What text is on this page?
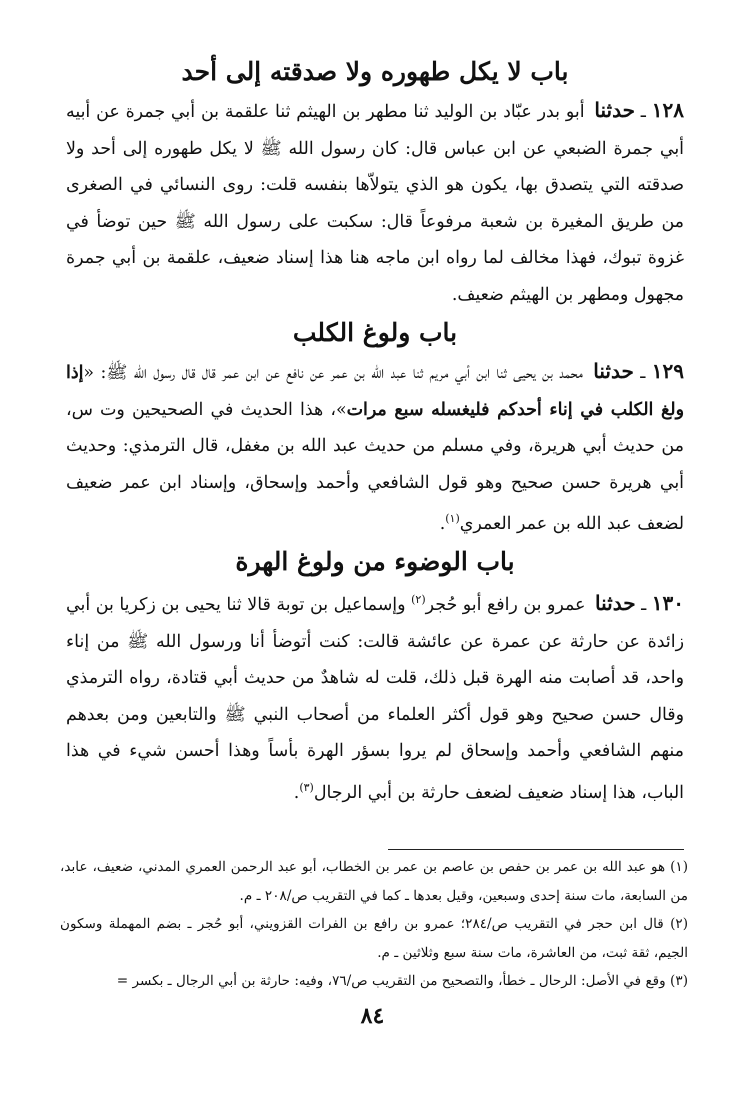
باب لا يكل طهوره ولا صدقته إلى أحد

١٢٨ ـ حدثنا أبو بدر عبّاد بن الوليد ثنا مطهر بن الهيثم ثنا علقمة بن أبي جمرة عن أبيه أبي جمرة الضبعي عن ابن عباس قال: كان رسول الله ﷺ لا يكل طهوره إلى أحد ولا صدقته التي يتصدق بها، يكون هو الذي يتولاّها بنفسه قلت: روى النسائي في الصغرى من طريق المغيرة بن شعبة مرفوعاً قال: سكبت على رسول الله ﷺ حين توضأ في غزوة تبوك، فهذا مخالف لما رواه ابن ماجه هنا هذا إسناد ضعيف، علقمة بن أبي جمرة مجهول ومطهر بن الهيثم ضعيف.

باب ولوغ الكلب

١٢٩ ـ حدثنا محمد بن يحيى ثنا ابن أبي مريم ثنا عبد الله بن عمر عن نافع عن ابن عمر قال قال رسول الله ﷺ: «إذا ولغ الكلب في إناء أحدكم فليغسله سبع مرات»، هذا الحديث في الصحيحين وت س، من حديث أبي هريرة، وفي مسلم من حديث عبد الله بن مغفل، قال الترمذي: وحديث أبي هريرة حسن صحيح وهو قول الشافعي وأحمد وإسحاق، وإسناد ابن عمر ضعيف لضعف عبد الله بن عمر العمري$^{(١)}$.

باب الوضوء من ولوغ الهرة

١٣٠ ـ حدثنا عمرو بن رافع أبو حُجر$^{(٢)}$ وإسماعيل بن توبة قالا ثنا يحيى بن زكريا بن أبي زائدة عن حارثة عن عمرة عن عائشة قالت: كنت أتوضأ أنا ورسول الله ﷺ من إناء واحد، قد أصابت منه الهرة قبل ذلك، قلت له شاهدٌ من حديث أبي قتادة، رواه الترمذي وقال حسن صحيح وهو قول أكثر العلماء من أصحاب النبي ﷺ والتابعين ومن بعدهم منهم الشافعي وأحمد وإسحاق لم يروا بسؤر الهرة بأساً وهذا أحسن شيء في هذا الباب، هذا إسناد ضعيف لضعف حارثة بن أبي الرجال$^{(٣)}$.

(١) هو عبد الله بن عمر بن حفص بن عاصم بن عمر بن الخطاب، أبو عبد الرحمن العمري المدني، ضعيف، عابد، من السابعة، مات سنة إحدى وسبعين، وقيل بعدها ـ كما في التقريب ص/٢٠٨ ـ م.

(٢) قال ابن حجر في التقريب ص/٢٨٤؛ عمرو بن رافع بن الفرات القزويني، أبو حُجر ـ بضم المهملة وسكون الجيم، ثقة ثبت، من العاشرة، مات سنة سبع وثلاثين ـ م.

(٣) وقع في الأصل: الرحال ـ خطأ، والتصحيح من التقريب ص/٧٦، وفيه: حارثة بن أبي الرجال ـ بكسر =

٨٤
